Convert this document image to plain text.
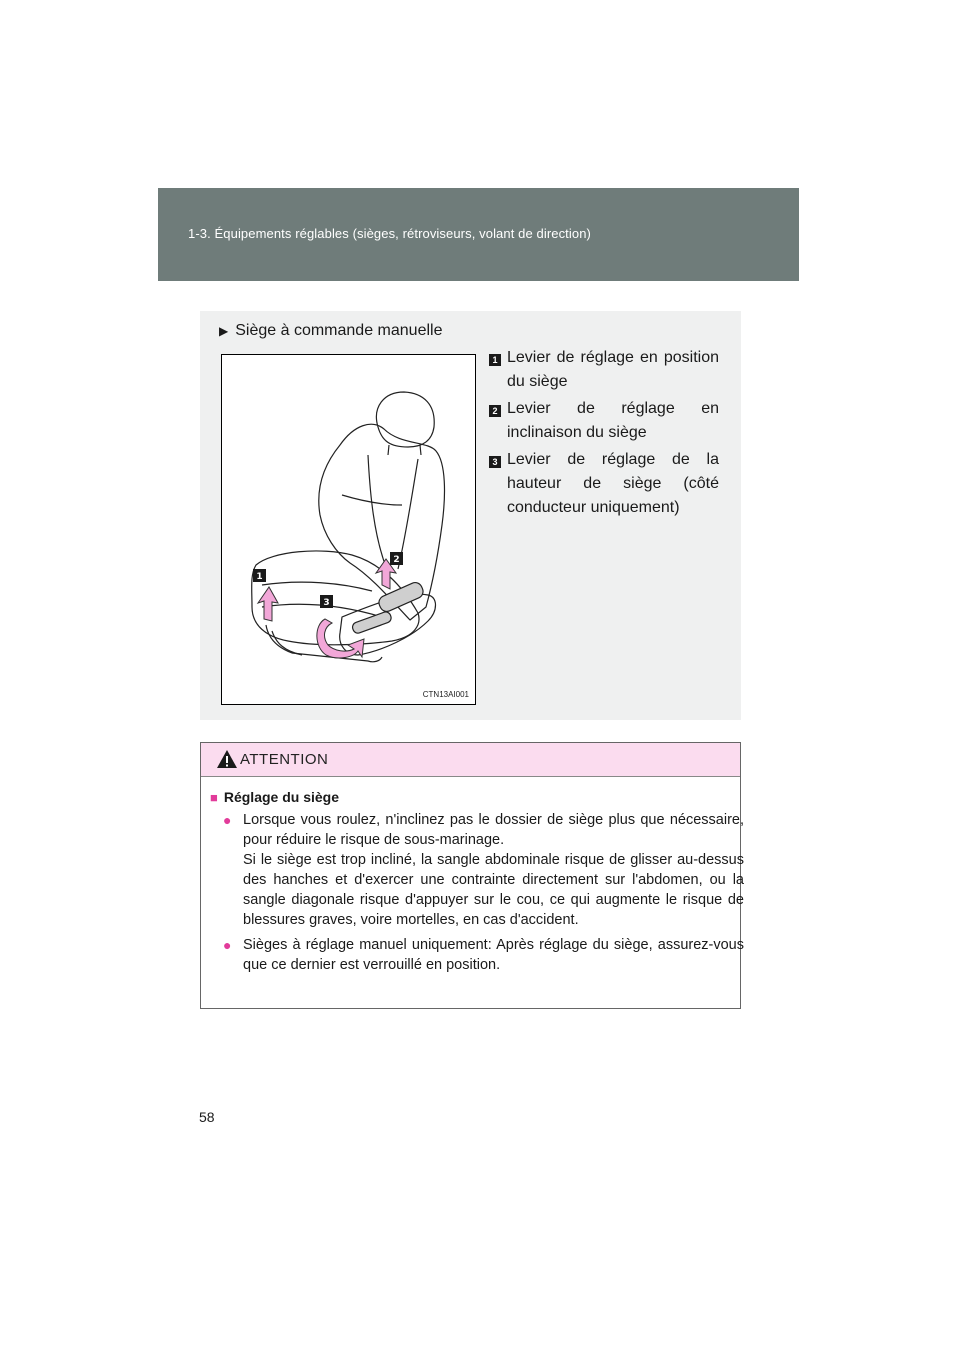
1-3. Équipements réglables (sièges, rétroviseurs, volant de direction)
▶ Siège à commande manuelle
1
2
3
CTN13AI001
1 Levier de réglage en position du siège
2 Levier de réglage en inclinaison du siège
3 Levier de réglage de la hauteur de siège (côté conducteur uniquement)
ATTENTION
■ Réglage du siège
● Lorsque vous roulez, n'inclinez pas le dossier de siège plus que nécessaire, pour réduire le risque de sous-marinage.

Si le siège est trop incliné, la sangle abdominale risque de glisser au-dessus des hanches et d'exercer une contrainte directement sur l'abdomen, ou la sangle diagonale risque d'appuyer sur le cou, ce qui augmente le risque de blessures graves, voire mortelles, en cas d'accident.

● Sièges à réglage manuel uniquement: Après réglage du siège, assurez-vous que ce dernier est verrouillé en position.

58
